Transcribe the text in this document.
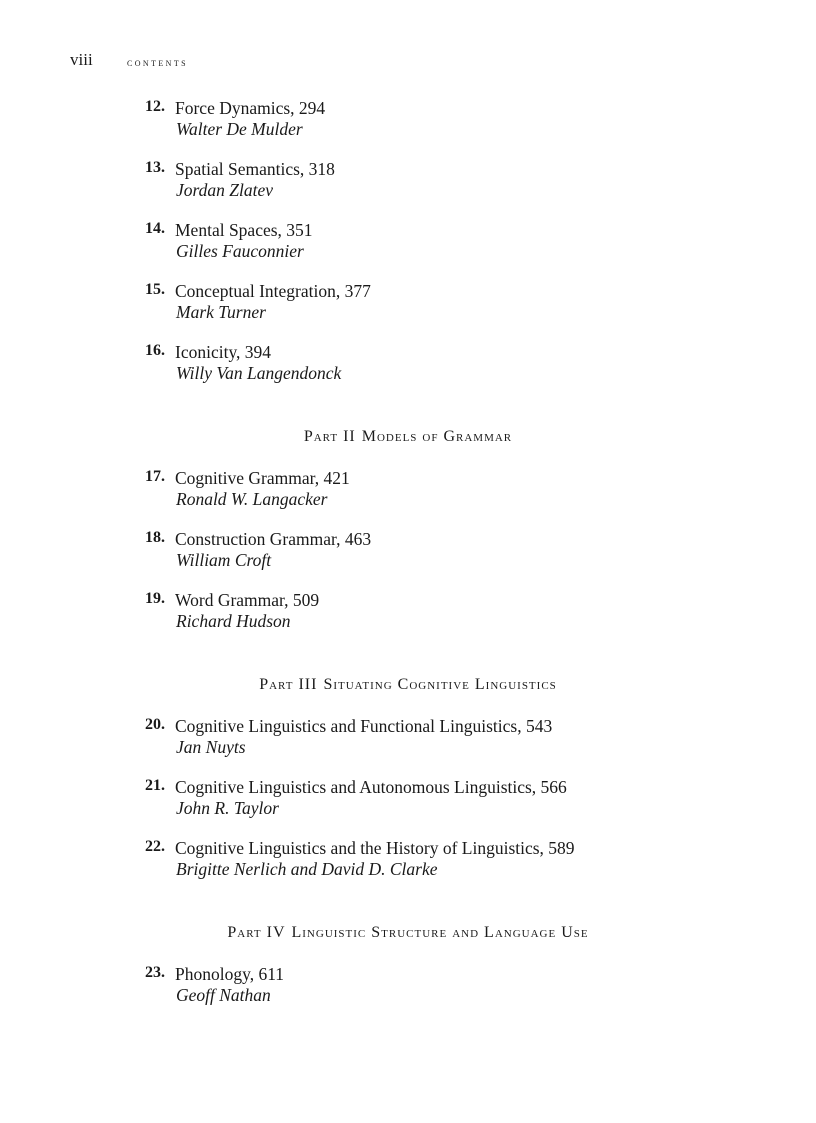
viii	contents
12. Force Dynamics, 294
Walter De Mulder
13. Spatial Semantics, 318
Jordan Zlatev
14. Mental Spaces, 351
Gilles Fauconnier
15. Conceptual Integration, 377
Mark Turner
16. Iconicity, 394
Willy Van Langendonck
Part II Models of Grammar
17. Cognitive Grammar, 421
Ronald W. Langacker
18. Construction Grammar, 463
William Croft
19. Word Grammar, 509
Richard Hudson
Part III Situating Cognitive Linguistics
20. Cognitive Linguistics and Functional Linguistics, 543
Jan Nuyts
21. Cognitive Linguistics and Autonomous Linguistics, 566
John R. Taylor
22. Cognitive Linguistics and the History of Linguistics, 589
Brigitte Nerlich and David D. Clarke
Part IV Linguistic Structure and Language Use
23. Phonology, 611
Geoff Nathan
